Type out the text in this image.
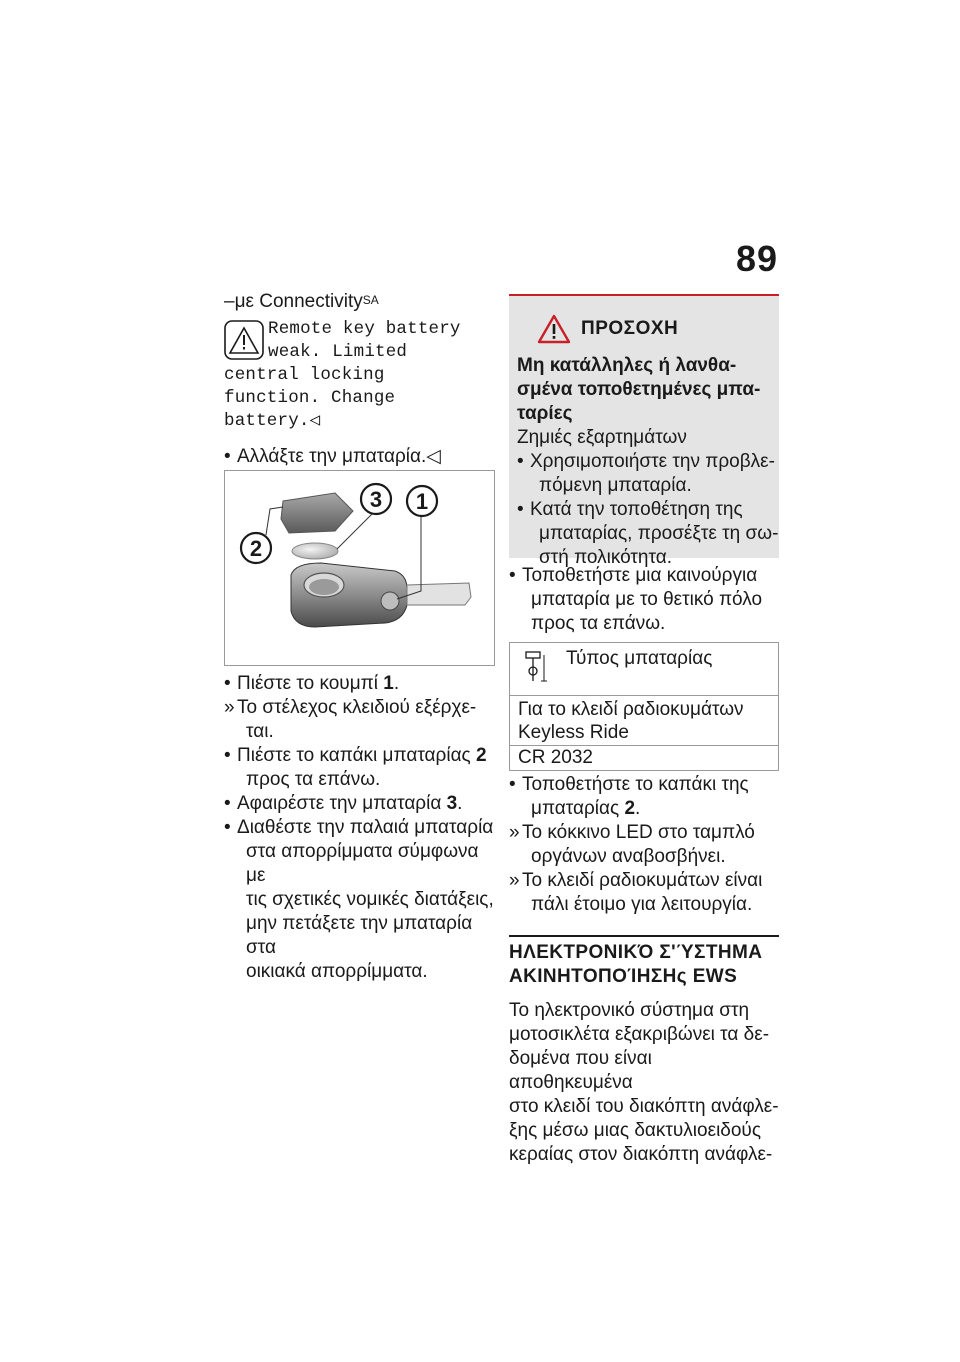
89
–με Connectivity$^{SA}$
Remote key battery
weak. Limited
central locking
function. Change
battery.◁
• Αλλάξτε την μπαταρία.◁
2
3 1
• Πιέστε το κουμπί 1.
» Το στέλεχος κλειδιού εξέρχε-
ται.
• Πιέστε το καπάκι μπαταρίας 2
προς τα επάνω.
• Αφαιρέστε την μπαταρία 3.
• Διαθέστε την παλαιά μπαταρία
στα απορρίμματα σύμφωνα με
τις σχετικές νομικές διατάξεις,
μην πετάξετε την μπαταρία στα
οικιακά απορρίμματα.
ΠΡΟΣΟΧΗ
Μη κατάλληλες ή λανθα-
σμένα τοποθετημένες μπα-
ταρίες
Ζημιές εξαρτημάτων
• Χρησιμοποιήστε την προβλε-
πόμενη μπαταρία.
• Κατά την τοποθέτηση της
μπαταρίας, προσέξτε τη σω-
στή πολικότητα.
• Τοποθετήστε μια καινούργια
μπαταρία με το θετικό πόλο
προς τα επάνω.
Τύπος μπαταρίας

Για το κλειδί ραδιοκυμάτων
Keyless Ride

CR 2032
• Τοποθετήστε το καπάκι της
μπαταρίας 2.
» Το κόκκινο LED στο ταμπλό
οργάνων αναβοσβήνει.
» Το κλειδί ραδιοκυμάτων είναι
πάλι έτοιμο για λειτουργία.
ΗΛΕΚΤΡΟΝΙΚΌ Σ'ΎΣΤΗΜΑ
ΑΚΙΝΗΤΟΠΟΊΗΣΗς EWS
Το ηλεκτρονικό σύστημα στη
μοτοσικλέτα εξακριβώνει τα δε-
δομένα που είναι αποθηκευμένα
στο κλειδί του διακόπτη ανάφλε-
ξης μέσω μιας δακτυλιοειδούς
κεραίας στον διακόπτη ανάφλε-
